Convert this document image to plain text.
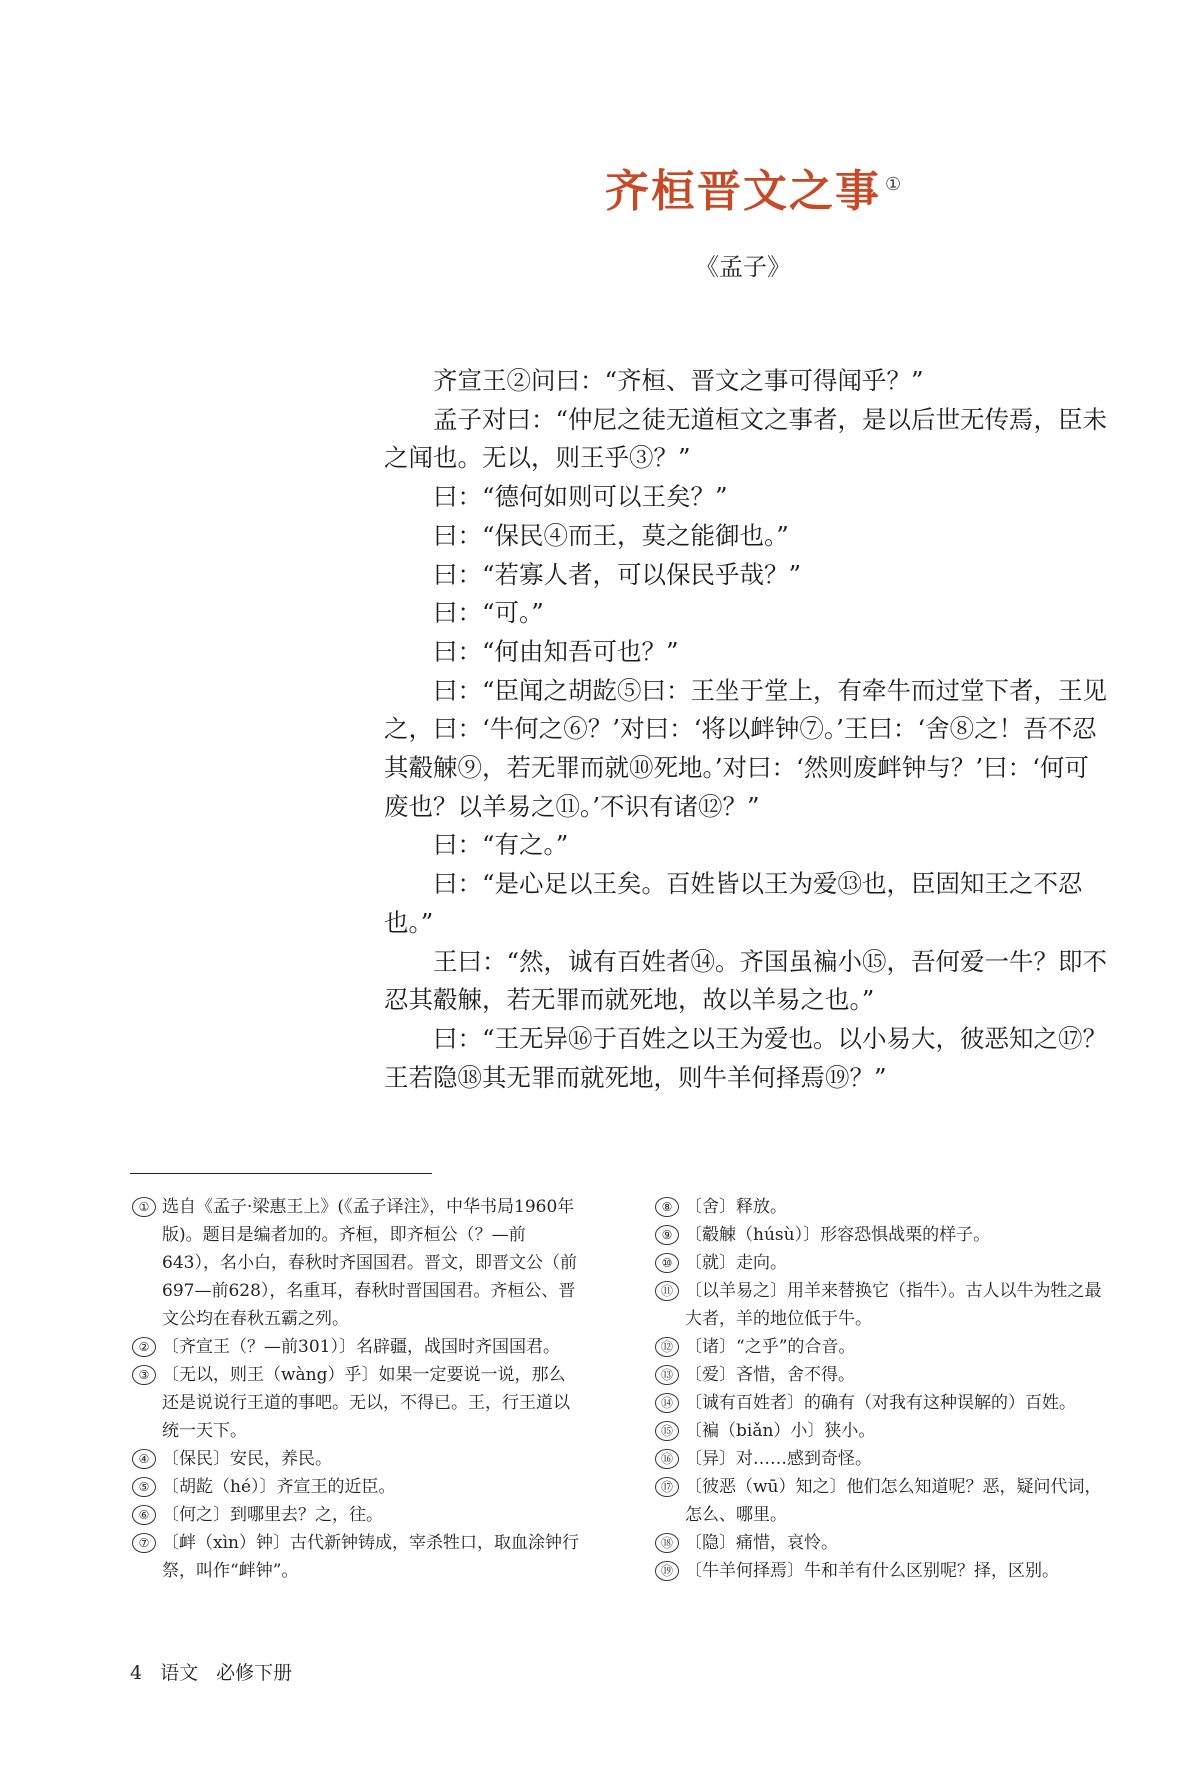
齐桓晋文之事 ①
《孟子》

齐宣王②问曰：“齐桓、晋文之事可得闻乎？”

孟子对曰：“仲尼之徒无道桓文之事者，是以后世无传焉，臣未之闻也。无以，则王乎③？”

曰：“德何如则可以王矣？”

曰：“保民④而王，莫之能御也。”

曰：“若寡人者，可以保民乎哉？”

曰：“可。”

曰：“何由知吾可也？”

曰：“臣闻之胡龁⑤曰：王坐于堂上，有牵牛而过堂下者，王见之，曰：‘牛何之⑥？’对曰：‘将以衅钟⑦。’王曰：‘舍⑧之！吾不忍其觳觫⑨，若无罪而就⑩死地。’对曰：‘然则废衅钟与？’曰：‘何可废也？以羊易之⑪。’不识有诸⑫？”

曰：“有之。”

曰：“是心足以王矣。百姓皆以王为爱⑬也，臣固知王之不忍也。”

王曰：“然，诚有百姓者⑭。齐国虽褊小⑮，吾何爱一牛？即不忍其觳觫，若无罪而就死地，故以羊易之也。”

曰：“王无异⑯于百姓之以王为爱也。以小易大，彼恶知之⑰？王若隐⑱其无罪而就死地，则牛羊何择焉⑲？”

① 选自《孟子·梁惠王上》(《孟子译注》，中华书局1960年版)。题目是编者加的。齐桓，即齐桓公（？—前643），名小白，春秋时齐国国君。晋文，即晋文公（前697—前628），名重耳，春秋时晋国国君。齐桓公、晋文公均在春秋五霸之列。
② 〔齐宣王（？—前301）〕名辟疆，战国时齐国国君。
③ 〔无以，则王（wàng）乎〕如果一定要说一说，那么还是说说行王道的事吧。无以，不得已。王，行王道以统一天下。
④ 〔保民〕安民，养民。
⑤ 〔胡龁（hé）〕齐宣王的近臣。
⑥ 〔何之〕到哪里去？之，往。
⑦ 〔衅（xìn）钟〕古代新钟铸成，宰杀牲口，取血涂钟行祭，叫作“衅钟”。
⑧ 〔舍〕释放。
⑨ 〔觳觫（húsù）〕形容恐惧战栗的样子。
⑩ 〔就〕走向。
⑪ 〔以羊易之〕用羊来替换它（指牛）。古人以牛为牲之最大者，羊的地位低于牛。
⑫ 〔诸〕“之乎”的合音。
⑬ 〔爱〕吝惜，舍不得。
⑭ 〔诚有百姓者〕的确有（对我有这种误解的）百姓。
⑮ 〔褊（biǎn）小〕狭小。
⑯ 〔异〕对……感到奇怪。
⑰ 〔彼恶（wū）知之〕他们怎么知道呢？恶，疑问代词，怎么、哪里。
⑱ 〔隐〕痛惜，哀怜。
⑲ 〔牛羊何择焉〕牛和羊有什么区别呢？择，区别。
4 语文 必修下册
